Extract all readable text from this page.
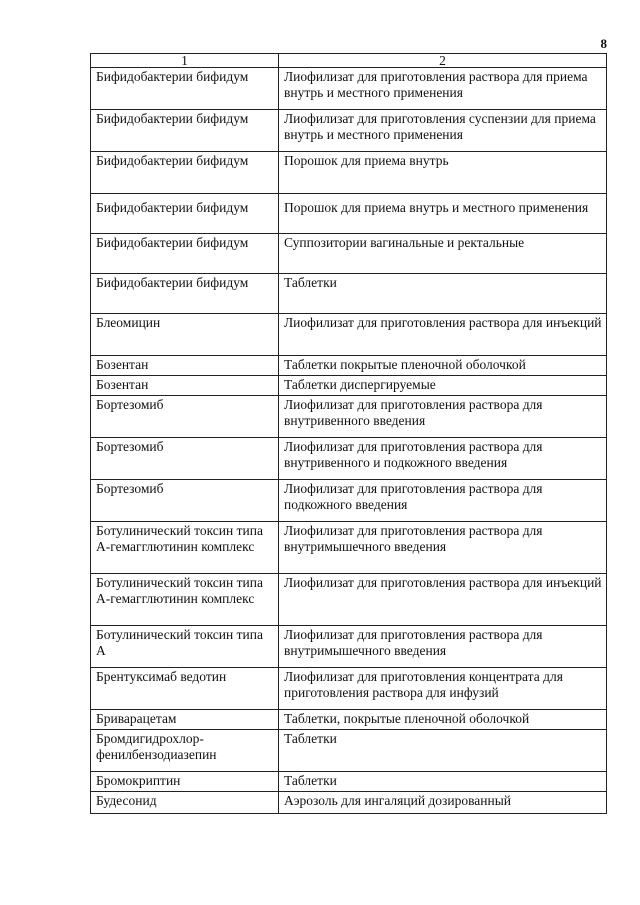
8
1	2
Бифидобактерии бифидум	Лиофилизат для приготовления раствора для приема внутрь и местного применения
Бифидобактерии бифидум	Лиофилизат для приготовления суспензии для приема внутрь и местного применения
Бифидобактерии бифидум	Порошок для приема внутрь
Бифидобактерии бифидум	Порошок для приема внутрь и местного применения
Бифидобактерии бифидум	Суппозитории вагинальные и ректальные
Бифидобактерии бифидум	Таблетки
Блеомицин	Лиофилизат для приготовления раствора для инъекций
Бозентан	Таблетки покрытые пленочной оболочкой
Бозентан	Таблетки диспергируемые
Бортезомиб	Лиофилизат для приготовления раствора для внутривенного введения
Бортезомиб	Лиофилизат для приготовления раствора для внутривенного и подкожного введения
Бортезомиб	Лиофилизат для приготовления раствора для подкожного введения
Ботулинический токсин типа А-гемагглютинин комплекс	Лиофилизат для приготовления раствора для внутримышечного введения
Ботулинический токсин типа А-гемагглютинин комплекс	Лиофилизат для приготовления раствора для инъекций
Ботулинический токсин типа А	Лиофилизат для приготовления раствора для внутримышечного введения
Брентуксимаб ведотин	Лиофилизат для приготовления концентрата для приготовления раствора для инфузий
Бриварацетам	Таблетки, покрытые пленочной оболочкой
Бромдигидрохлор-фенилбензодиазепин	Таблетки
Бромокриптин	Таблетки
Будесонид	Аэрозоль для ингаляций дозированный
